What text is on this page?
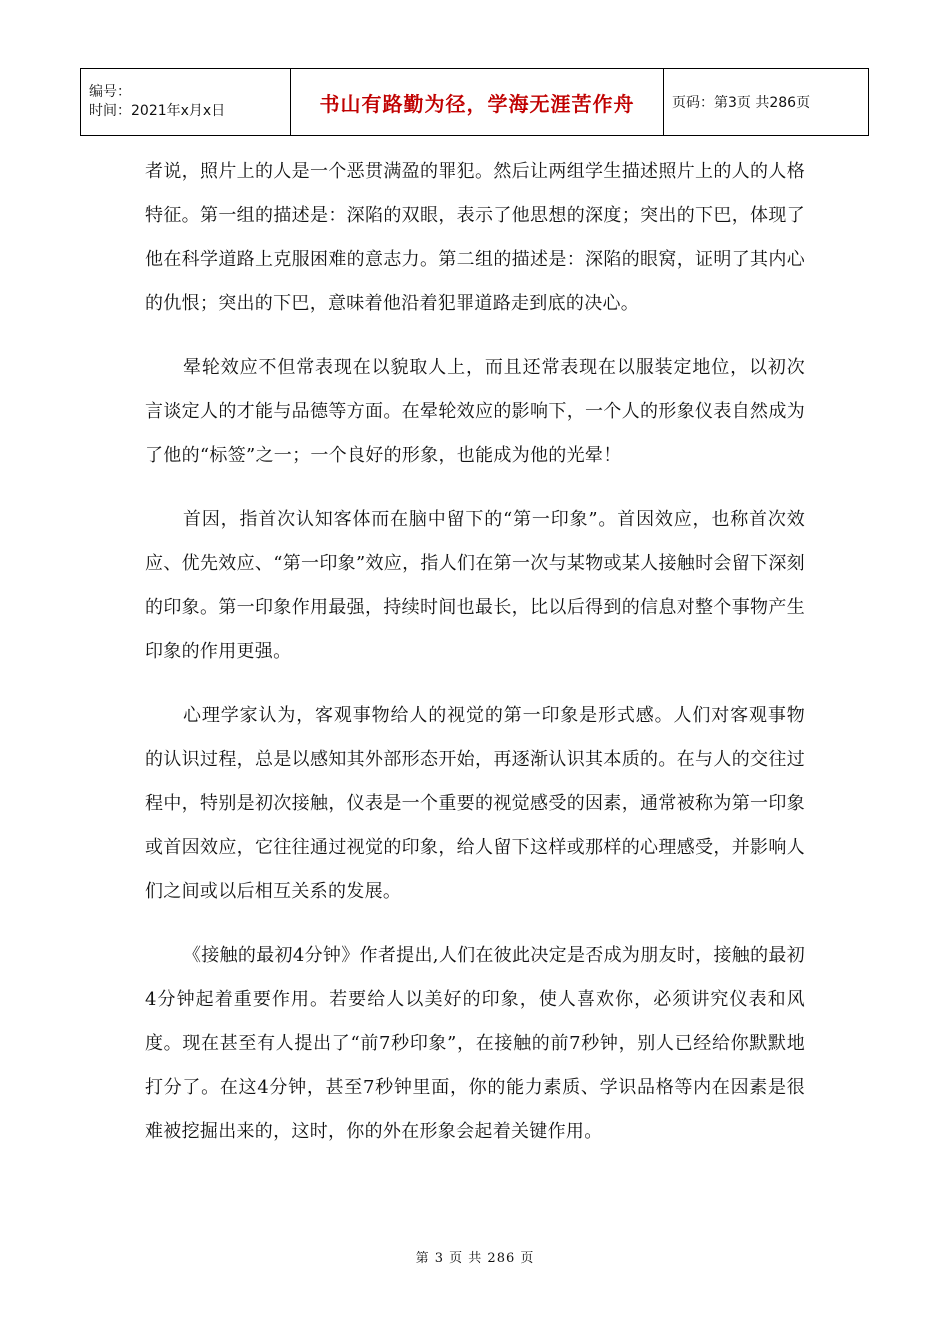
编号：
时间：2021年x月x日	书山有路勤为径，学海无涯苦作舟	页码：第3页 共286页

者说，照片上的人是一个恶贯满盈的罪犯。然后让两组学生描述照片上的人的人格特征。第一组的描述是：深陷的双眼，表示了他思想的深度；突出的下巴，体现了他在科学道路上克服困难的意志力。第二组的描述是：深陷的眼窝，证明了其内心的仇恨；突出的下巴，意味着他沿着犯罪道路走到底的决心。

晕轮效应不但常表现在以貌取人上，而且还常表现在以服装定地位，以初次言谈定人的才能与品德等方面。在晕轮效应的影响下，一个人的形象仪表自然成为了他的“标签”之一；一个良好的形象，也能成为他的光晕！

首因，指首次认知客体而在脑中留下的“第一印象”。首因效应，也称首次效应、优先效应、“第一印象”效应，指人们在第一次与某物或某人接触时会留下深刻的印象。第一印象作用最强，持续时间也最长，比以后得到的信息对整个事物产生印象的作用更强。

心理学家认为，客观事物给人的视觉的第一印象是形式感。人们对客观事物的认识过程，总是以感知其外部形态开始，再逐渐认识其本质的。在与人的交往过程中，特别是初次接触，仪表是一个重要的视觉感受的因素，通常被称为第一印象或首因效应，它往往通过视觉的印象，给人留下这样或那样的心理感受，并影响人们之间或以后相互关系的发展。

《接触的最初4分钟》作者提出,人们在彼此决定是否成为朋友时，接触的最初4分钟起着重要作用。若要给人以美好的印象，使人喜欢你，必须讲究仪表和风度。现在甚至有人提出了“前7秒印象”，在接触的前7秒钟，别人已经给你默默地打分了。在这4分钟，甚至7秒钟里面，你的能力素质、学识品格等内在因素是很难被挖掘出来的，这时，你的外在形象会起着关键作用。

第 3 页 共 286 页
